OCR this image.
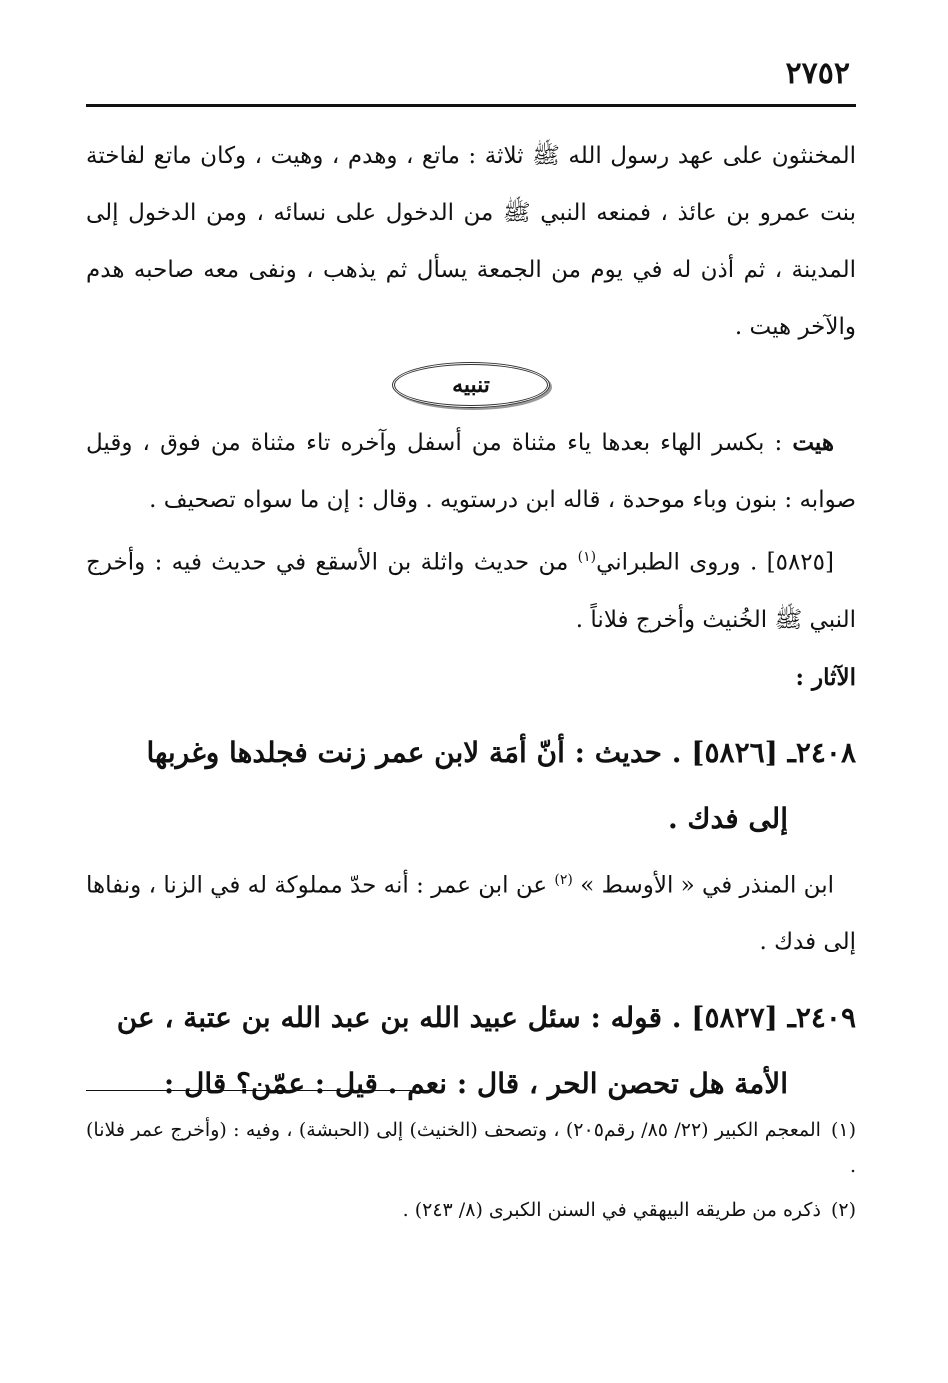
٢٧٥٢

المخنثون على عهد رسول الله ﷺ ثلاثة : ماتع ، وهدم ، وهيت ، وكان ماتع لفاختة بنت عمرو بن عائذ ، فمنعه النبي ﷺ من الدخول على نسائه ، ومن الدخول إلى المدينة ، ثم أذن له في يوم من الجمعة يسأل ثم يذهب ، ونفى معه صاحبه هدم والآخر هيت .

تنبيه

هيت : بكسر الهاء بعدها ياء مثناة من أسفل وآخره تاء مثناة من فوق ، وقيل صوابه : بنون وباء موحدة ، قاله ابن درستويه . وقال : إن ما سواه تصحيف .

[٥٨٢٥] . وروى الطبراني$^{(١)}$ من حديث واثلة بن الأسقع في حديث فيه : وأخرج النبي ﷺ الخُنيث وأخرج فلاناً .

الآثار :

٢٤٠٨ـ [٥٨٢٦] . حديث : أنّ أمَة لابن عمر زنت فجلدها وغربها
إلى فدك .

ابن المنذر في « الأوسط » $^{(٢)}$ عن ابن عمر : أنه حدّ مملوكة له في الزنا ، ونفاها إلى فدك .

٢٤٠٩ـ [٥٨٢٧] . قوله : سئل عبيد الله بن عبد الله بن عتبة ، عن
الأمة هل تحصن الحر ، قال : نعم . قيل : عمّن؟ قال :

(١)المعجم الكبير (٢٢/ ٨٥/ رقم٢٠٥) ، وتصحف (الخنيث) إلى (الحبشة) ، وفيه : (وأخرج عمر فلانا) .

(٢)ذكره من طريقه البيهقي في السنن الكبرى (٨/ ٢٤٣) .
